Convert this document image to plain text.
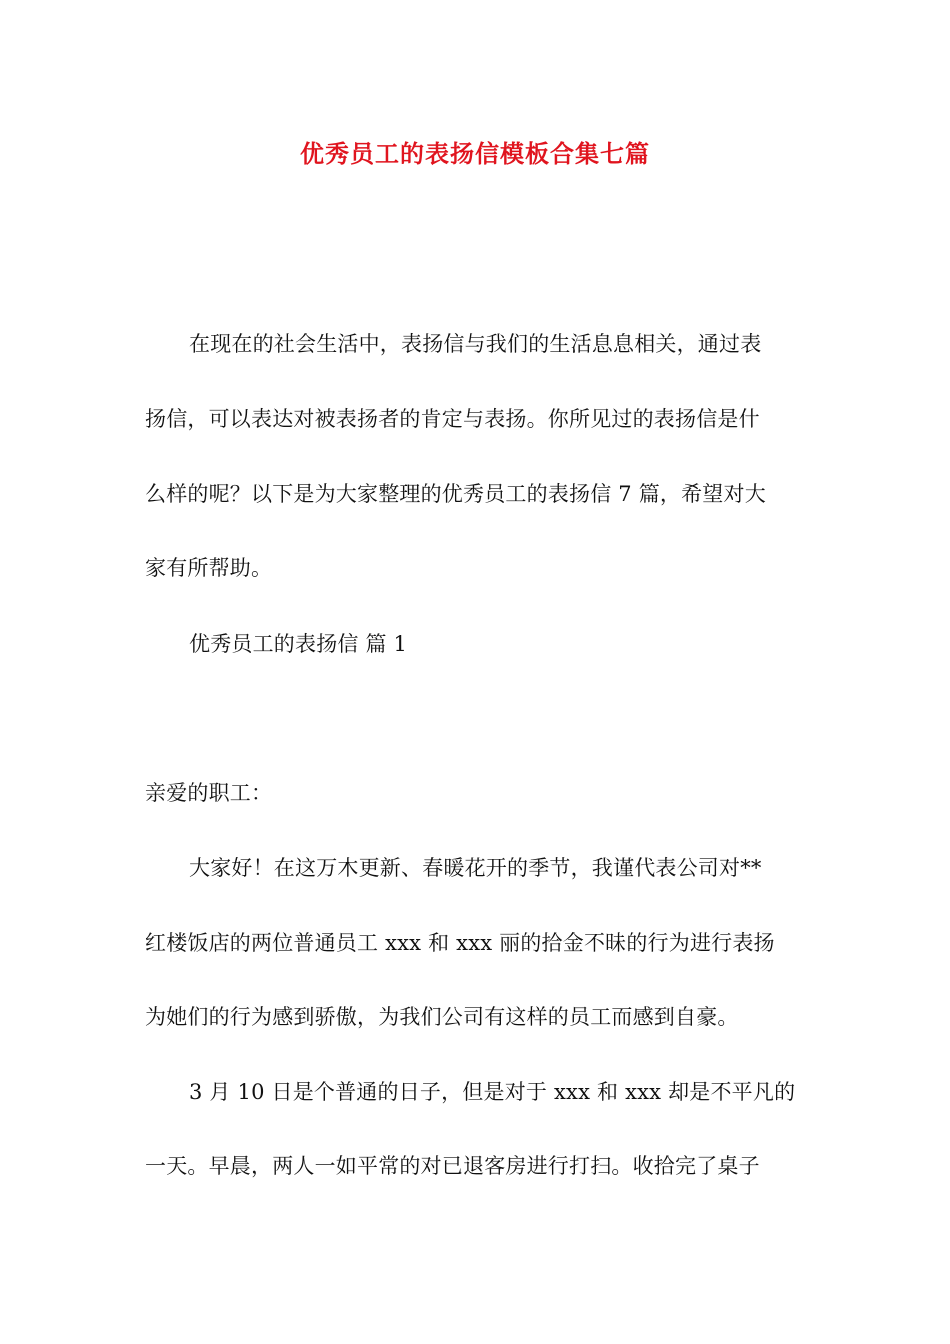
优秀员工的表扬信模板合集七篇
在现在的社会生活中，表扬信与我们的生活息息相关，通过表
扬信，可以表达对被表扬者的肯定与表扬。你所见过的表扬信是什
么样的呢？以下是为大家整理的优秀员工的表扬信 7 篇，希望对大
家有所帮助。
优秀员工的表扬信 篇 1
亲爱的职工：
大家好！在这万木更新、春暖花开的季节，我谨代表公司对**
红楼饭店的两位普通员工 xxx 和 xxx 丽的拾金不昧的行为进行表扬
为她们的行为感到骄傲，为我们公司有这样的员工而感到自豪。
3 月 10 日是个普通的日子，但是对于 xxx 和 xxx 却是不平凡的
一天。早晨，两人一如平常的对已退客房进行打扫。收拾完了桌子
